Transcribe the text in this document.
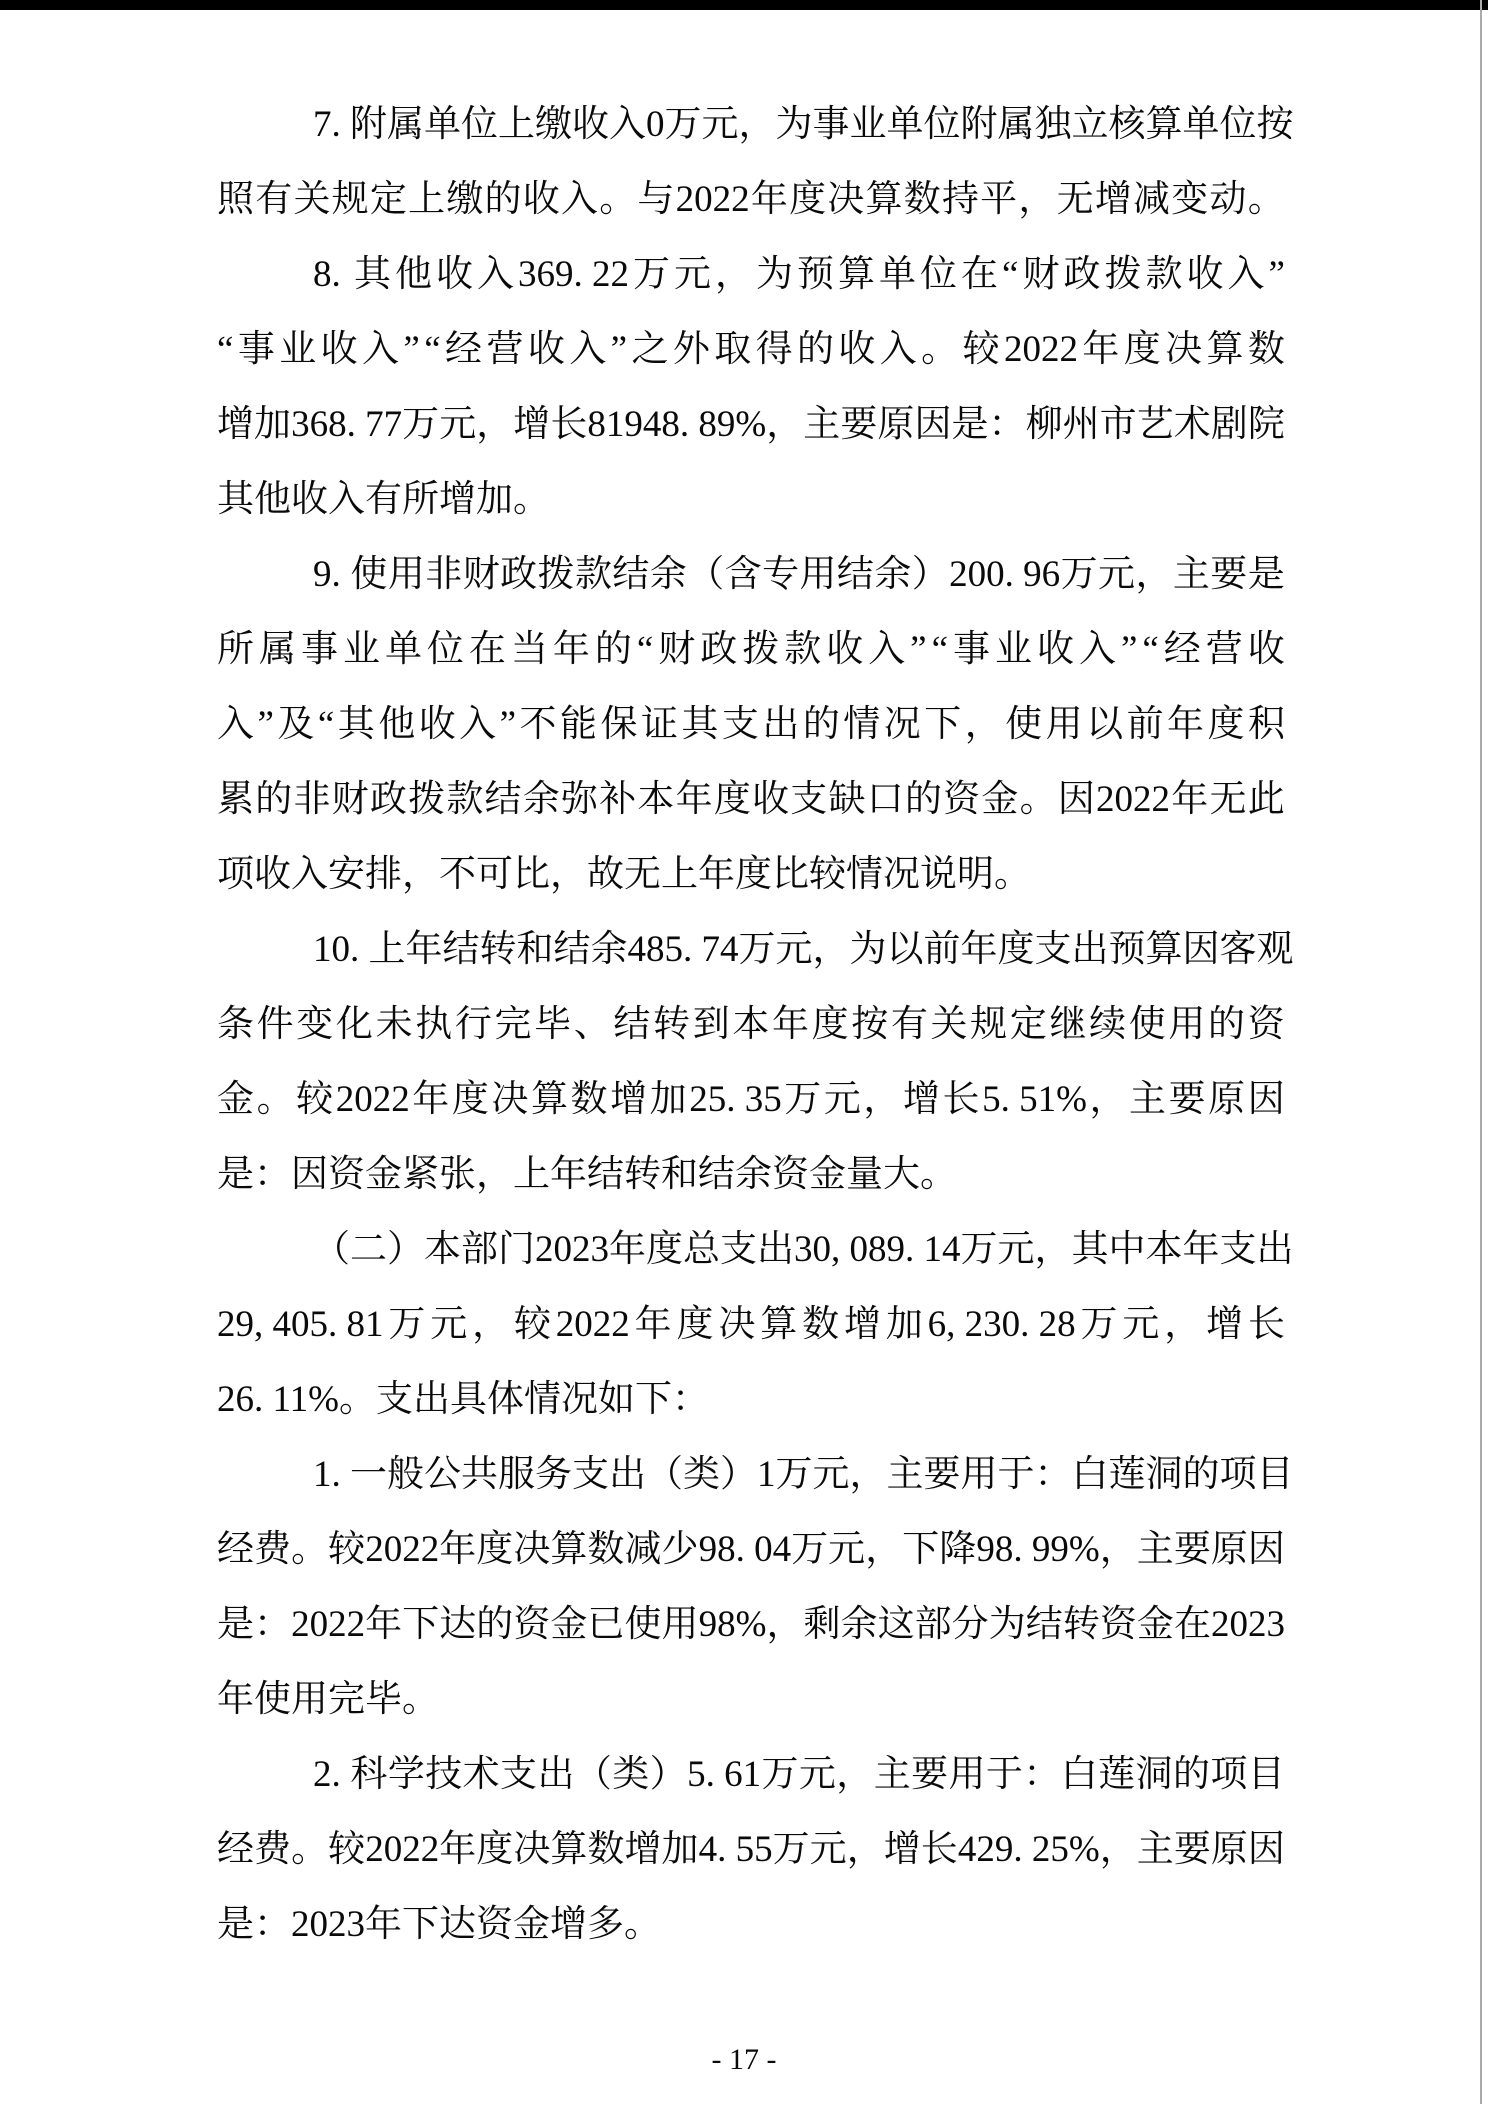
7. 附 属 单 位 上 缴 收 入 0 万 元 ， 为 事 业 单 位 附 属 独 立 核 算 单 位 按
照 有 关 规 定 上 缴 的 收 入 。 与 2022 年 度 决 算 数 持 平 ， 无 增 减 变 动 。
8. 其 他 收 入 369. 22 万 元 ， 为 预 算 单 位 在 “ 财 政 拨 款 收 入 ”
“ 事 业 收 入 ” “ 经 营 收 入 ” 之 外 取 得 的 收 入 。 较 2022 年 度 决 算 数
增 加 368. 77 万 元 ， 增 长 81948. 89% ， 主 要 原 因 是 ： 柳 州 市 艺 术 剧 院
其他收入有所增加。
9. 使 用 非 财 政 拨 款 结 余 （ 含 专 用 结 余 ） 200. 96 万 元 ， 主 要 是
所 属 事 业 单 位 在 当 年 的 “ 财 政 拨 款 收 入 ” “ 事 业 收 入 ” “ 经 营 收
入 ” 及 “ 其 他 收 入 ” 不 能 保 证 其 支 出 的 情 况 下 ， 使 用 以 前 年 度 积
累 的 非 财 政 拨 款 结 余 弥 补 本 年 度 收 支 缺 口 的 资 金 。 因 2022 年 无 此
项收入安排，不可比，故无上年度比较情况说明。
10. 上 年 结 转 和 结 余 485. 74 万 元 ， 为 以 前 年 度 支 出 预 算 因 客 观
条 件 变 化 未 执 行 完 毕 、 结 转 到 本 年 度 按 有 关 规 定 继 续 使 用 的 资
金 。 较 2022 年 度 决 算 数 增 加 25. 35 万 元 ， 增 长 5. 51% ， 主 要 原 因
是：因资金紧张，上年结转和结余资金量大。
（ 二 ） 本 部 门 2023 年 度 总 支 出 30, 089. 14 万 元 ， 其 中 本 年 支 出
29, 405. 81 万 元 ， 较 2022 年 度 决 算 数 增 加 6, 230. 28 万 元 ， 增 长
26. 11%。支出具体情况如下：
1. 一 般 公 共 服 务 支 出 （ 类 ） 1 万 元 ， 主 要 用 于 ： 白 莲 洞 的 项 目
经 费 。 较 2022 年 度 决 算 数 减 少 98. 04 万 元 ， 下 降 98. 99% ， 主 要 原 因
是 ： 2022 年 下 达 的 资 金 已 使 用 98% ， 剩 余 这 部 分 为 结 转 资 金 在 2023
年使用完毕。
2. 科 学 技 术 支 出 （ 类 ） 5. 61 万 元 ， 主 要 用 于 ： 白 莲 洞 的 项 目
经 费 。 较 2022 年 度 决 算 数 增 加 4. 55 万 元 ， 增 长 429. 25% ， 主 要 原 因
是：2023年下达资金增多。
- 17 -
